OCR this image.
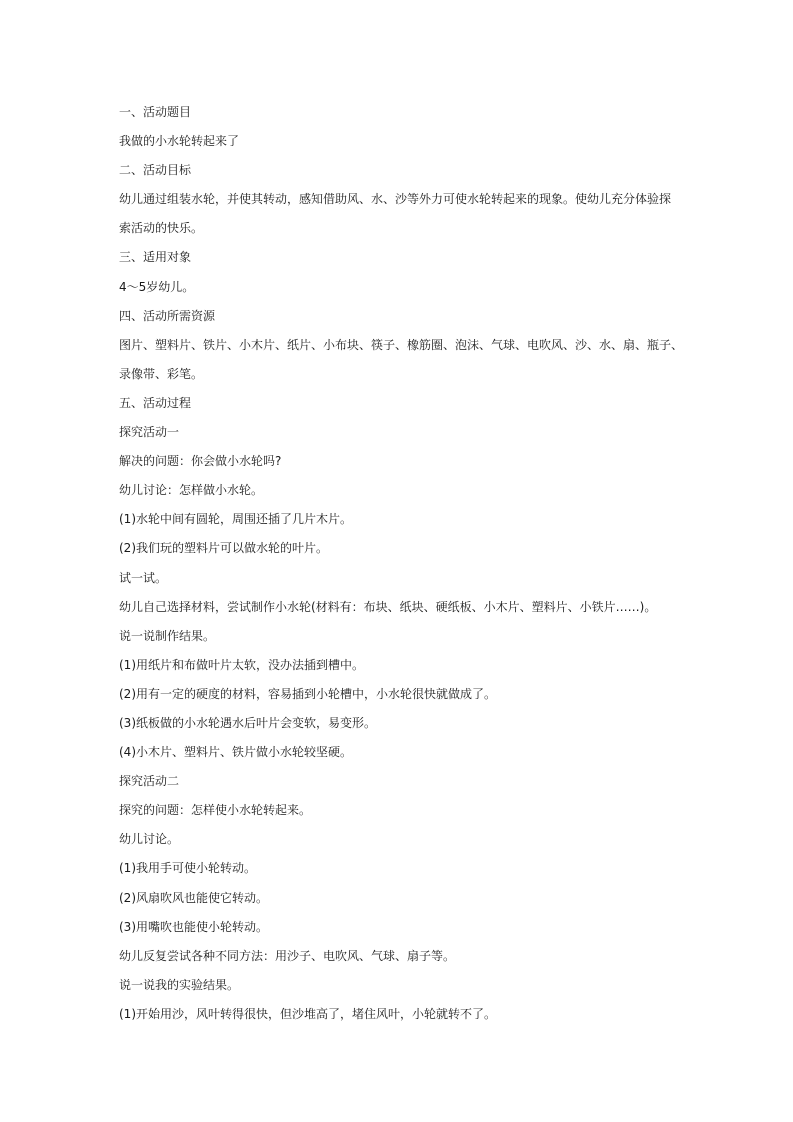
一、活动题目
我做的小水轮转起来了
二、活动目标
幼儿通过组装水轮，并使其转动，感知借助风、水、沙等外力可使水轮转起来的现象。使幼儿充分体验探
索活动的快乐。
三、适用对象
4～5岁幼儿。
四、活动所需资源
图片、塑料片、铁片、小木片、纸片、小布块、筷子、橡筋圈、泡沫、气球、电吹风、沙、水、扇、瓶子、
录像带、彩笔。
五、活动过程
探究活动一
解决的问题：你会做小水轮吗?
幼儿讨论：怎样做小水轮。
(1)水轮中间有圆轮，周围还插了几片木片。
(2)我们玩的塑料片可以做水轮的叶片。
试一试。
幼儿自己选择材料，尝试制作小水轮(材料有：布块、纸块、硬纸板、小木片、塑料片、小铁片……)。
说一说制作结果。
(1)用纸片和布做叶片太软，没办法插到槽中。
(2)用有一定的硬度的材料，容易插到小轮槽中，小水轮很快就做成了。
(3)纸板做的小水轮遇水后叶片会变软，易变形。
(4)小木片、塑料片、铁片做小水轮较坚硬。
探究活动二
探究的问题：怎样使小水轮转起来。
幼儿讨论。
(1)我用手可使小轮转动。
(2)风扇吹风也能使它转动。
(3)用嘴吹也能使小轮转动。
幼儿反复尝试各种不同方法：用沙子、电吹风、气球、扇子等。
说一说我的实验结果。
(1)开始用沙，风叶转得很快，但沙堆高了，堵住风叶，小轮就转不了。
